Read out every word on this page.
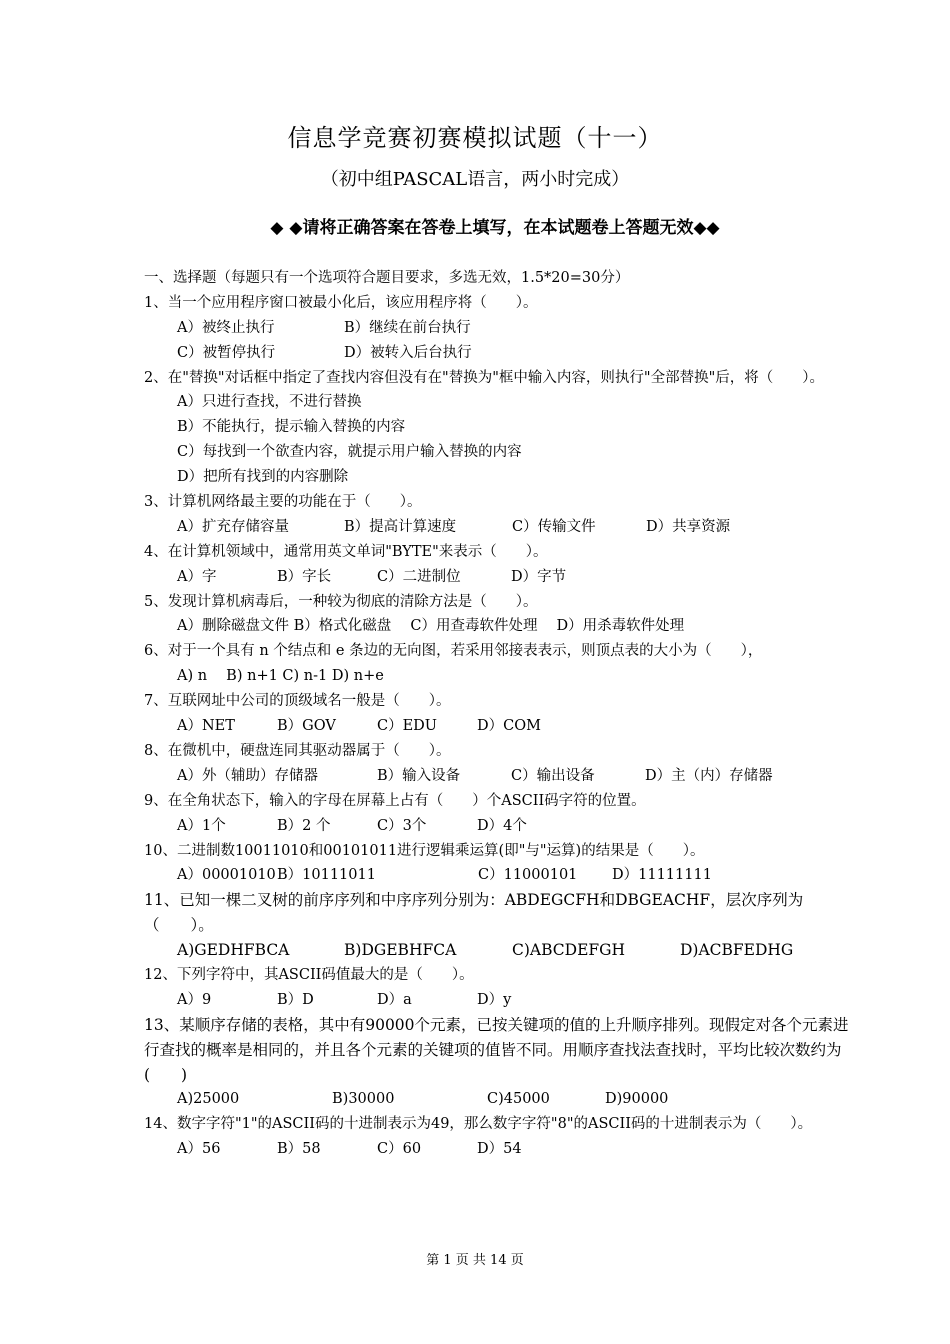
信息学竞赛初赛模拟试题（十一）
（初中组PASCAL语言，两小时完成）
◆ ◆请将正确答案在答卷上填写，在本试题卷上答题无效◆◆
一、选择题（每题只有一个选项符合题目要求，多选无效，1.5*20=30分）
1、当一个应用程序窗口被最小化后，该应用程序将（　　）。
A）被终止执行	B）继续在前台执行
C）被暂停执行	D）被转入后台执行
2、在"替换"对话框中指定了查找内容但没有在"替换为"框中输入内容，则执行"全部替换"后，将（　　）。
A）只进行查找，不进行替换
B）不能执行，提示输入替换的内容
C）每找到一个欲查内容，就提示用户输入替换的内容
D）把所有找到的内容删除
3、计算机网络最主要的功能在于（　　）。
A）扩充存储容量	B）提高计算速度	C）传输文件	D）共享资源
4、在计算机领域中，通常用英文单词"BYTE"来表示（　　）。
A）字	B）字长	C）二进制位	D）字节
5、发现计算机病毒后，一种较为彻底的清除方法是（　　）。
A）删除磁盘文件 B）格式化磁盘　 C）用查毒软件处理　 D）用杀毒软件处理
6、对于一个具有 n 个结点和 e 条边的无向图，若采用邻接表表示，则顶点表的大小为（　　），
A) n　 B) n+1 C) n-1 D) n+e
7、互联网址中公司的顶级域名一般是（　　）。
A）NET	B）GOV	C）EDU	D）COM
8、在微机中，硬盘连同其驱动器属于（　　）。
A）外（辅助）存储器	B）输入设备	C）输出设备	D）主（内）存储器
9、在全角状态下，输入的字母在屏幕上占有（　　）个ASCII码字符的位置。
A）1个	B）2 个	C）3个	D）4个
10、二进制数10011010和00101011进行逻辑乘运算(即"与"运算)的结果是（　　）。
A）00001010B）10111011	C）11000101 D）11111111
11、已知一棵二叉树的前序序列和中序序列分别为：ABDEGCFH和DBGEACHF，层次序列为（　　）。
A)GEDHFBCA	B)DGEBHFCA	C)ABCDEFGH	D)ACBFEDHG
12、下列字符中，其ASCII码值最大的是（　　）。
A）9	B）D	D）a	D）y
13、某顺序存储的表格，其中有90000个元素，已按关键项的值的上升顺序排列。现假定对各个元素进行查找的概率是相同的，并且各个元素的关键项的值皆不同。用顺序查找法查找时，平均比较次数约为(　　)
A)25000	B)30000	C)45000	D)90000
14、数字字符"1"的ASCII码的十进制表示为49，那么数字字符"8"的ASCII码的十进制表示为（　　）。
A）56	B）58	C）60	D）54
第 1 页 共 14 页
